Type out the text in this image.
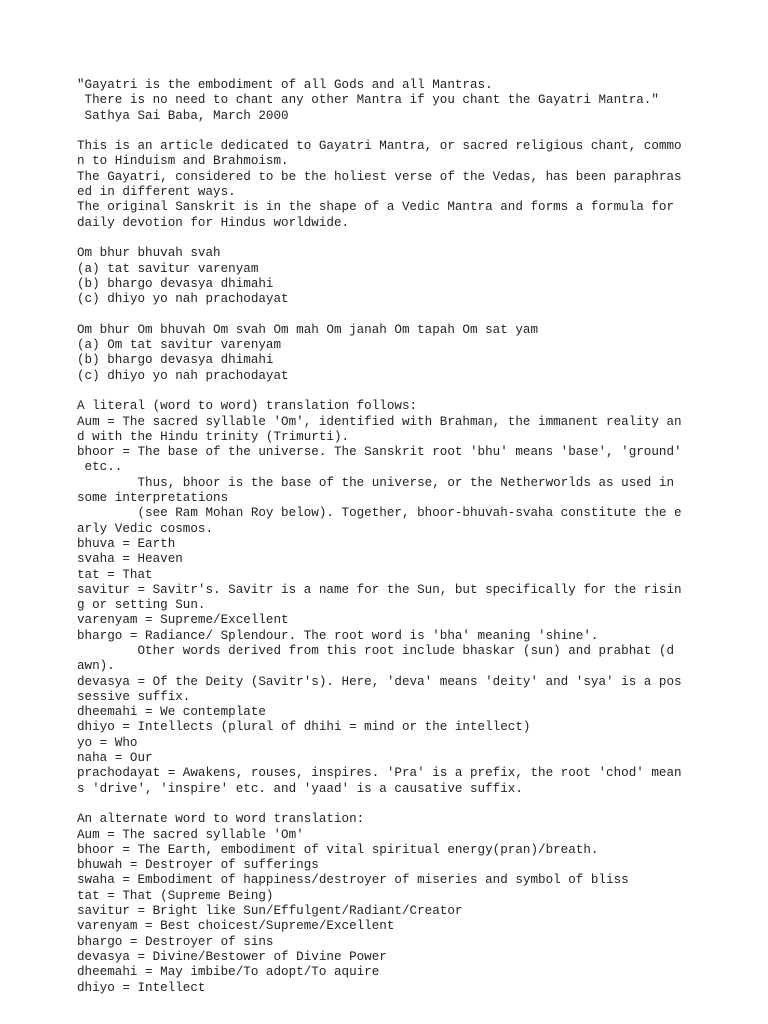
"Gayatri is the embodiment of all Gods and all Mantras.
There is no need to chant any other Mantra if you chant the Gayatri Mantra."
Sathya Sai Baba, March 2000
This is an article dedicated to Gayatri Mantra, or sacred religious chant, commo
n to Hinduism and Brahmoism.
The Gayatri, considered to be the holiest verse of the Vedas, has been paraphras
ed in different ways.
The original Sanskrit is in the shape of a Vedic Mantra and forms a formula for
daily devotion for Hindus worldwide.
Om bhur bhuvah svah
(a) tat savitur varenyam
(b) bhargo devasya dhimahi
(c) dhiyo yo nah prachodayat
Om bhur Om bhuvah Om svah Om mah Om janah Om tapah Om sat yam
(a) Om tat savitur varenyam
(b) bhargo devasya dhimahi
(c) dhiyo yo nah prachodayat
A literal (word to word) translation follows:
Aum = The sacred syllable 'Om', identified with Brahman, the immanent reality an
d with the Hindu trinity (Trimurti).
bhoor = The base of the universe. The Sanskrit root 'bhu' means 'base', 'ground'
etc..
Thus, bhoor is the base of the universe, or the Netherworlds as used in
some interpretations
(see Ram Mohan Roy below). Together, bhoor-bhuvah-svaha constitute the e
arly Vedic cosmos.
bhuva = Earth
svaha = Heaven
tat = That
savitur = Savitr's. Savitr is a name for the Sun, but specifically for the risin
g or setting Sun.
varenyam = Supreme/Excellent
bhargo = Radiance/ Splendour. The root word is 'bha' meaning 'shine'.
Other words derived from this root include bhaskar (sun) and prabhat (d
awn).
devasya = Of the Deity (Savitr's). Here, 'deva' means 'deity' and 'sya' is a pos
sessive suffix.
dheemahi = We contemplate
dhiyo = Intellects (plural of dhihi = mind or the intellect)
yo = Who
naha = Our
prachodayat = Awakens, rouses, inspires. 'Pra' is a prefix, the root 'chod' mean
s 'drive', 'inspire' etc. and 'yaad' is a causative suffix.
An alternate word to word translation:
Aum = The sacred syllable 'Om'
bhoor = The Earth, embodiment of vital spiritual energy(pran)/breath.
bhuwah = Destroyer of sufferings
swaha = Embodiment of happiness/destroyer of miseries and symbol of bliss
tat = That (Supreme Being)
savitur = Bright like Sun/Effulgent/Radiant/Creator
varenyam = Best choicest/Supreme/Excellent
bhargo = Destroyer of sins
devasya = Divine/Bestower of Divine Power
dheemahi = May imbibe/To adopt/To aquire
dhiyo = Intellect
